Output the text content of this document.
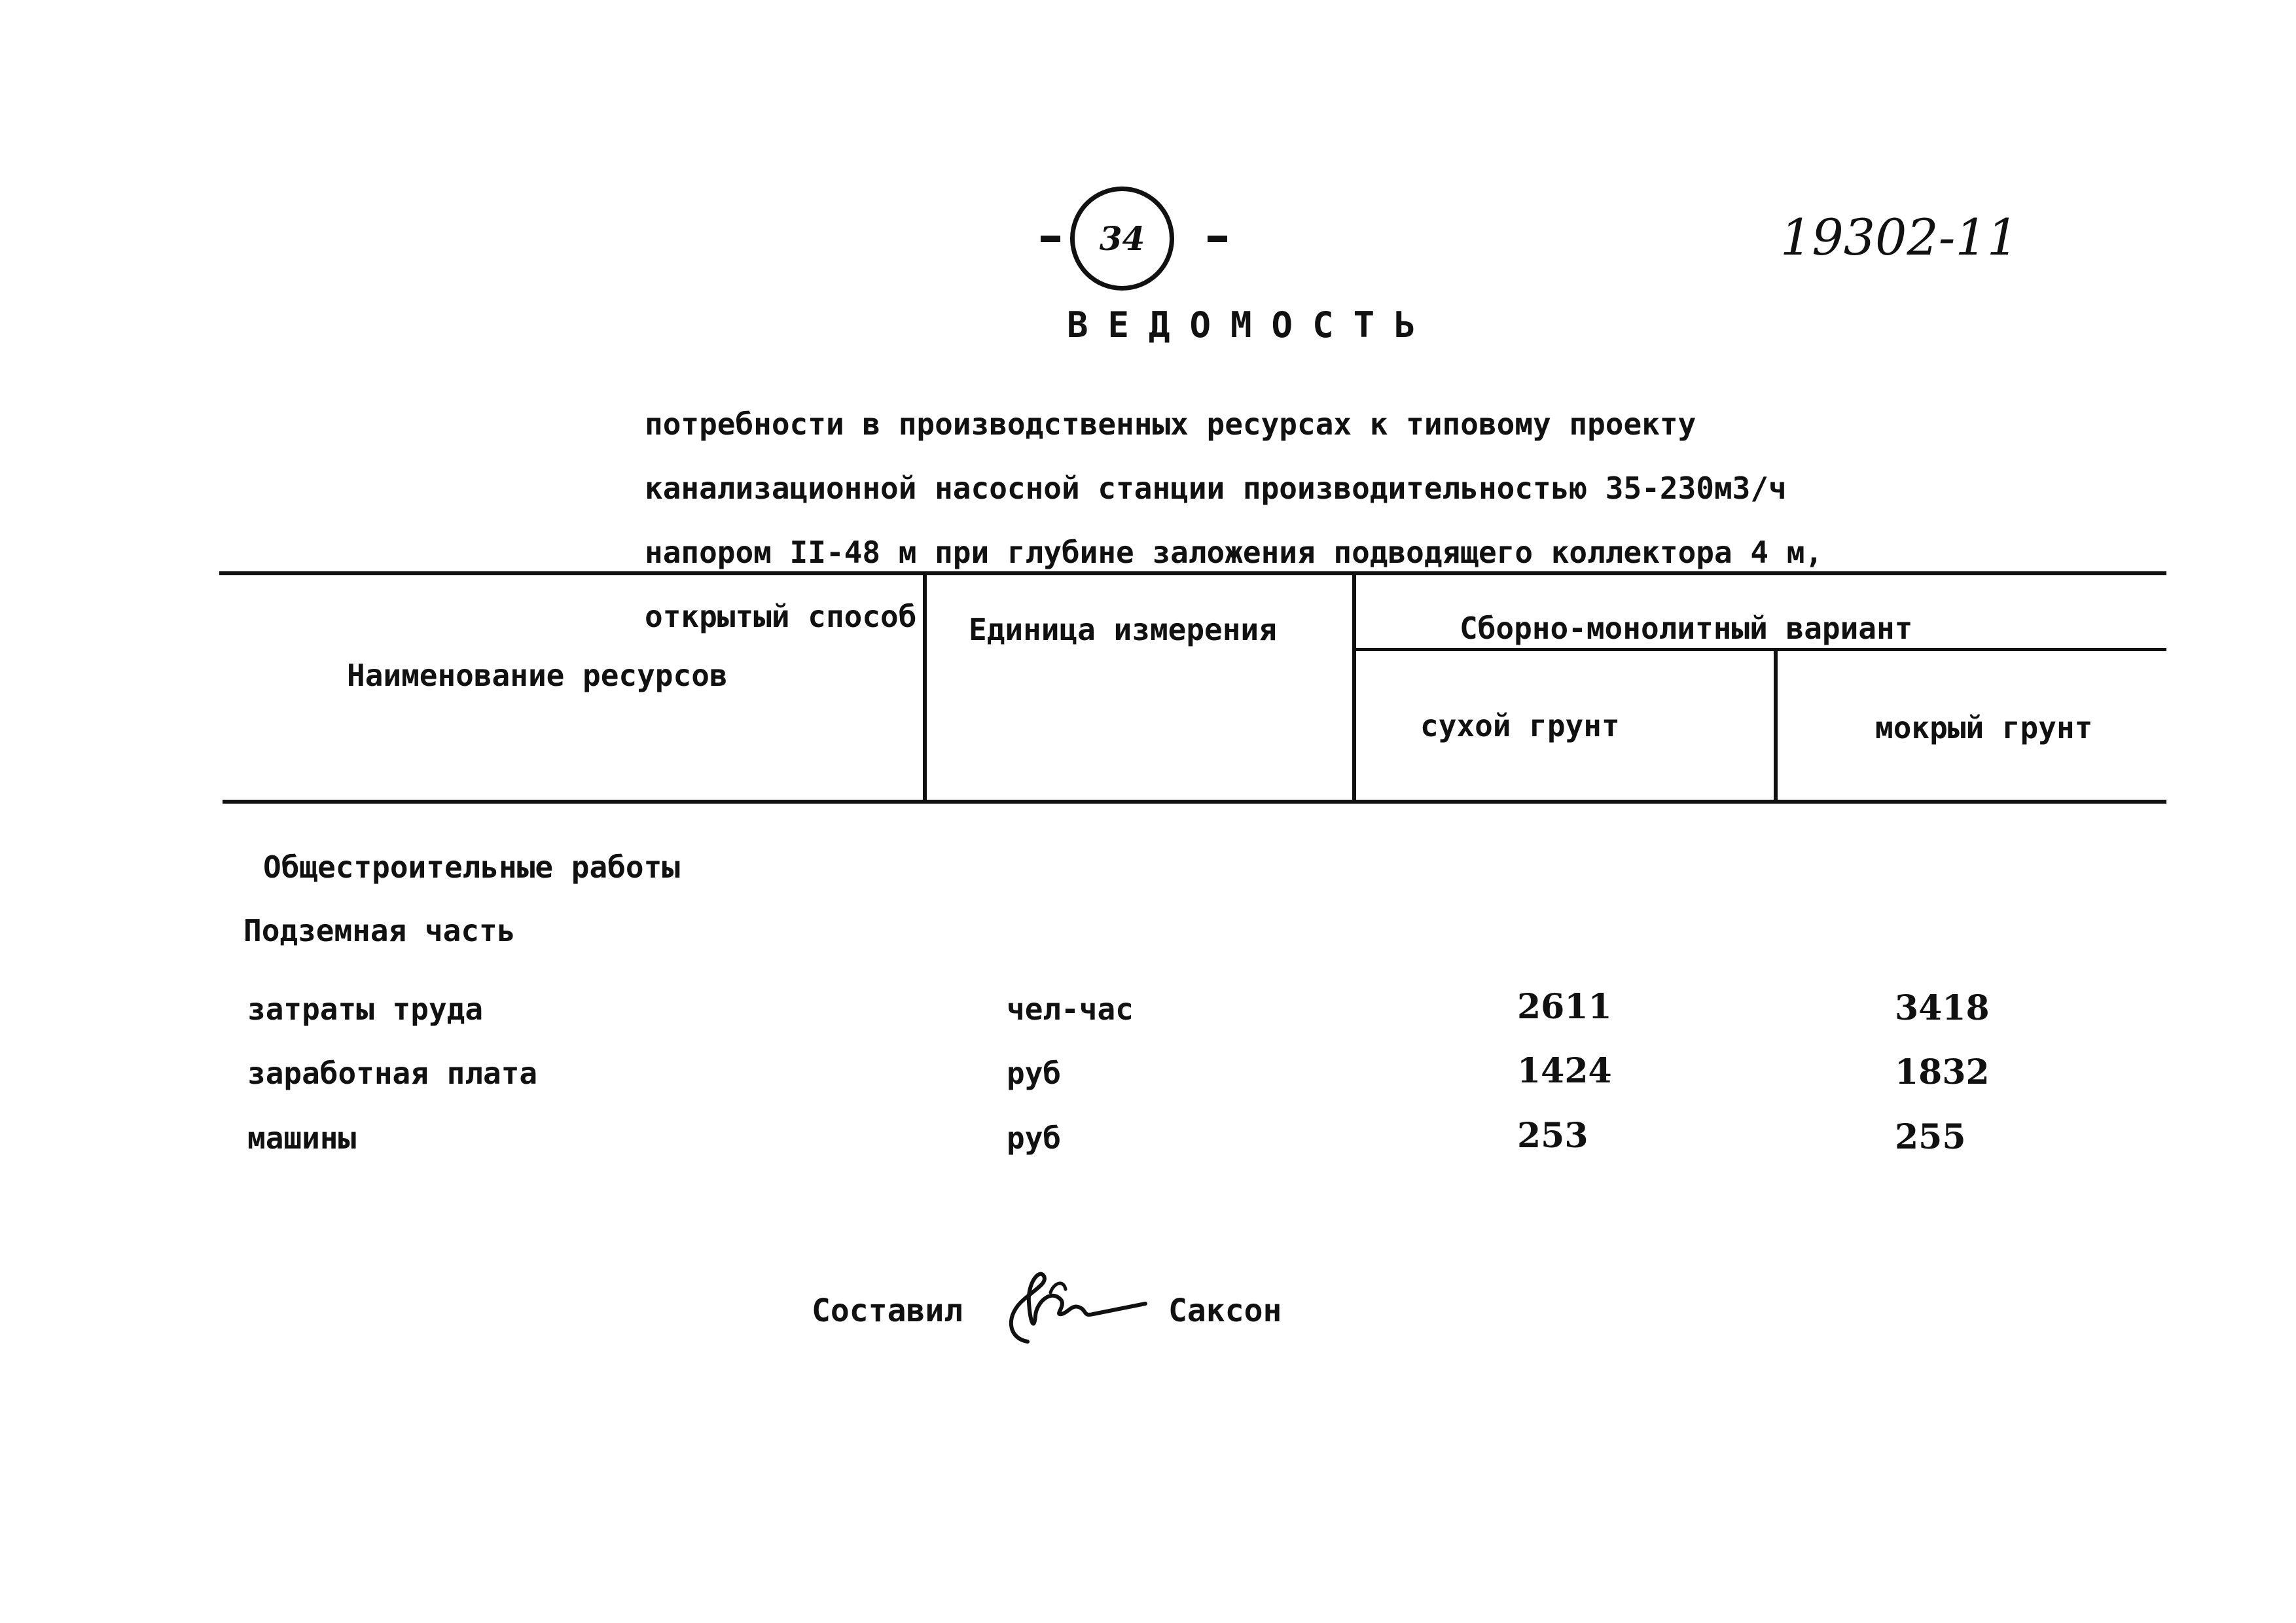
34	19302-11
ВЕДОМОСТЬ

потребности в производственных ресурсах к типовому проекту

канализационной насосной станции производительностью 35-230м3/ч

напором II-48 м при глубине заложения подводящего коллектора 4 м,

открытый способ

Наименование ресурсов
Единица измерения	Сборно-монолитный вариант
сухой грунт	мокрый грунт
Общестроительные работы
Подземная часть
затраты труда	чел-час	2611	3418
заработная плата	руб	1424	1832
машины	руб	253	255
Составил	Саксон
